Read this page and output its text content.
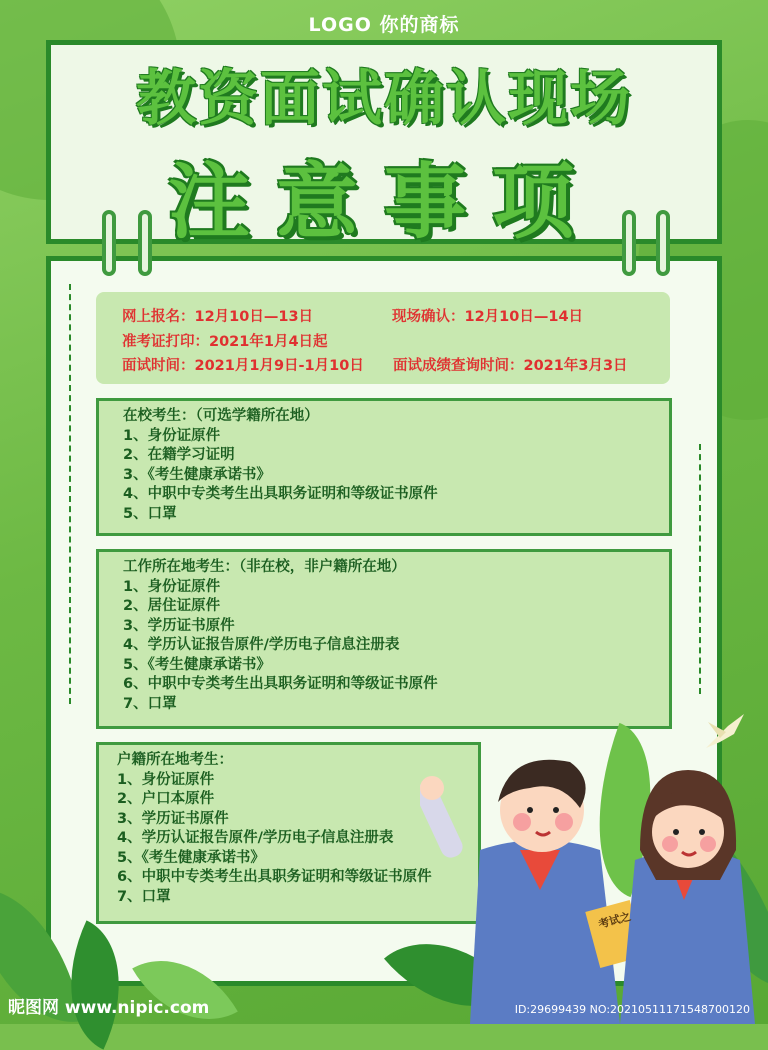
LOGO 你的商标
教资面试确认现场
注意事项
网上报名：12月10日—13日	现场确认：12月10日—14日
准考证打印：2021年1月4日起
面试时间：2021月1月9日-1月10日 面试成绩查询时间：2021年3月3日
在校考生：（可选学籍所在地）
1、身份证原件
2、在籍学习证明
3、《考生健康承诺书》
4、中职中专类考生出具职务证明和等级证书原件
5、口罩
工作所在地考生：（非在校，非户籍所在地）
1、身份证原件
2、居住证原件
3、学历证书原件
4、学历认证报告原件/学历电子信息注册表
5、《考生健康承诺书》
6、中职中专类考生出具职务证明和等级证书原件
7、口罩
户籍所在地考生：
1、身份证原件
2、户口本原件
3、学历证书原件
4、学历认证报告原件/学历电子信息注册表
5、《考生健康承诺书》
6、中职中专类考生出具职务证明和等级证书原件
7、口罩
考试之
昵图网 www.nipic.com	ID:29699439 NO:20210511171548700120
